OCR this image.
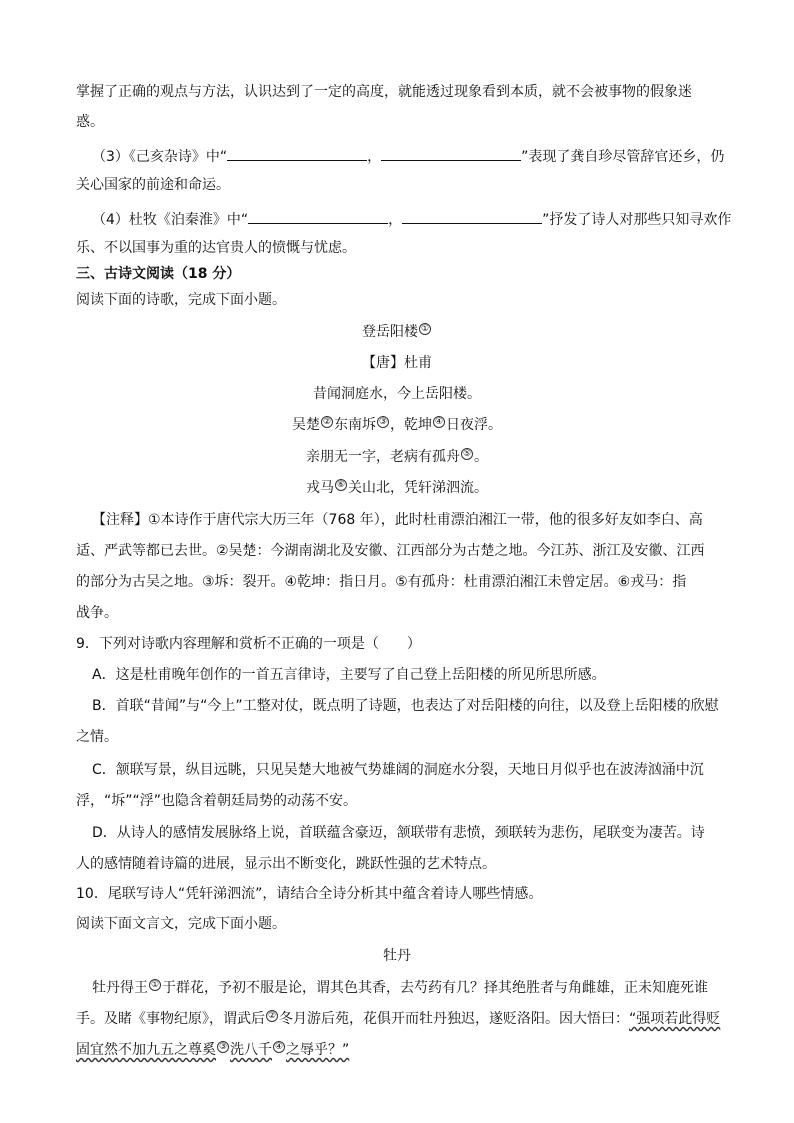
掌握了正确的观点与方法，认识达到了一定的高度，就能透过现象看到本质，就不会被事物的假象迷
惑。
（3）《己亥杂诗》中“	，	”表现了龚自珍尽管辞官还乡，仍
关心国家的前途和命运。
（4）杜牧《泊秦淮》中“	，	”抒发了诗人对那些只知寻欢作
乐、不以国事为重的达官贵人的愤慨与忧虑。
三、古诗文阅读（18 分）
阅读下面的诗歌，完成下面小题。
登岳阳楼 ①
【唐】杜甫
昔闻洞庭水，今上岳阳楼。
吴楚 ② 东南坼 ③ ，乾坤 ④ 日夜浮。
亲朋无一字，老病有孤舟 ⑤ 。
戎马 ⑥ 关山北，凭轩涕泗流。
【注释】①本诗作于唐代宗大历三年（768 年），此时杜甫漂泊湘江一带，他的很多好友如李白、高
适、严武等都已去世。②吴楚：今湖南湖北及安徽、江西部分为古楚之地。今江苏、浙江及安徽、江西
的部分为古吴之地。③坼：裂开。④乾坤：指日月。⑤有孤舟：杜甫漂泊湘江未曾定居。⑥戎马：指
战争。
9．下列对诗歌内容理解和赏析不正确的一项是（　　）
A．这是杜甫晚年创作的一首五言律诗，主要写了自己登上岳阳楼的所见所思所感。
B．首联“昔闻”与“今上”工整对仗，既点明了诗题，也表达了对岳阳楼的向往，以及登上岳阳楼的欣慰
之情。
C．颔联写景，纵目远眺，只见吴楚大地被气势雄阔的洞庭水分裂，天地日月似乎也在波涛汹涌中沉
浮，“坼”“浮”也隐含着朝廷局势的动荡不安。
D．从诗人的感情发展脉络上说，首联蕴含豪迈，颔联带有悲愤，颈联转为悲伤，尾联变为凄苦。诗
人的感情随着诗篇的进展，显示出不断变化，跳跃性强的艺术特点。
10．尾联写诗人“凭轩涕泗流”，请结合全诗分析其中蕴含着诗人哪些情感。
阅读下面文言文，完成下面小题。
牡丹
牡丹得王 ① 于群花，予初不服是论，谓其色其香，去芍药有几？择其绝胜者与角雌雄，正未知鹿死谁
手。及睹《事物纪原》，谓武后 ② 冬月游后苑，花俱开而牡丹独迟，遂贬洛阳。因大悟曰：“强项若此得贬
固宜然不加九五之尊奚 ③ 洗八千 ④ 之辱乎？”
